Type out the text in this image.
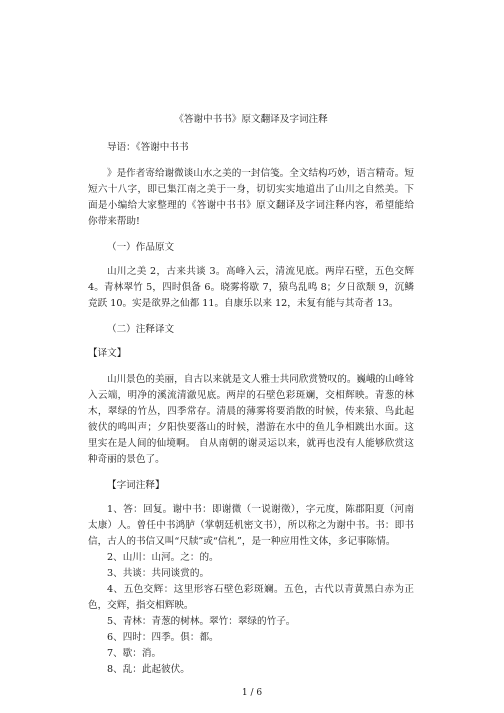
《答谢中书书》原文翻译及字词注释

导语：《答谢中书书

》是作者寄给谢微谈山水之美的一封信笺。全文结构巧妙，语言精奇。短短六十八字，即已集江南之美于一身，切切实实地道出了山川之自然美。下面是小编给大家整理的《答谢中书书》原文翻译及字词注释内容，希望能给你带来帮助!

（一）作品原文

山川之美 2，古来共谈 3。高峰入云，清流见底。两岸石壁，五色交辉 4。青林翠竹 5，四时俱备 6。晓雾将歇 7，猿鸟乱鸣 8；夕日欲颓 9，沉鳞竞跃 10。实是欲界之仙都 11。自康乐以来 12，未复有能与其奇者 13。

（二）注释译文

【译文】

山川景色的美丽，自古以来就是文人雅士共同欣赏赞叹的。巍峨的山峰耸入云端，明净的溪流清澈见底。两岸的石壁色彩斑斓，交相辉映。青葱的林木，翠绿的竹丛，四季常存。清晨的薄雾将要消散的时候，传来猿、鸟此起彼伏的鸣叫声；夕阳快要落山的时候，潜游在水中的鱼儿争相跳出水面。这里实在是人间的仙境啊。 自从南朝的谢灵运以来，就再也没有人能够欣赏这种奇丽的景色了。

【字词注释】

1、答：回复。谢中书：即谢微（一说谢徵），字元度，陈郡阳夏（河南太康）人。曾任中书鸿胪（掌朝廷机密文书），所以称之为谢中书。书：即书信，古人的书信又叫“尺牍”或“信札”，是一种应用性文体，多记事陈情。

2、山川：山河。之：的。

3、共谈：共同谈赏的。

4、五色交辉：这里形容石壁色彩斑斓。五色，古代以青黄黑白赤为正色，交辉，指交相辉映。

5、青林：青葱的树林。翠竹：翠绿的竹子。

6、四时：四季。俱：都。

7、歇：消。

8、乱：此起彼伏。

1 / 6
